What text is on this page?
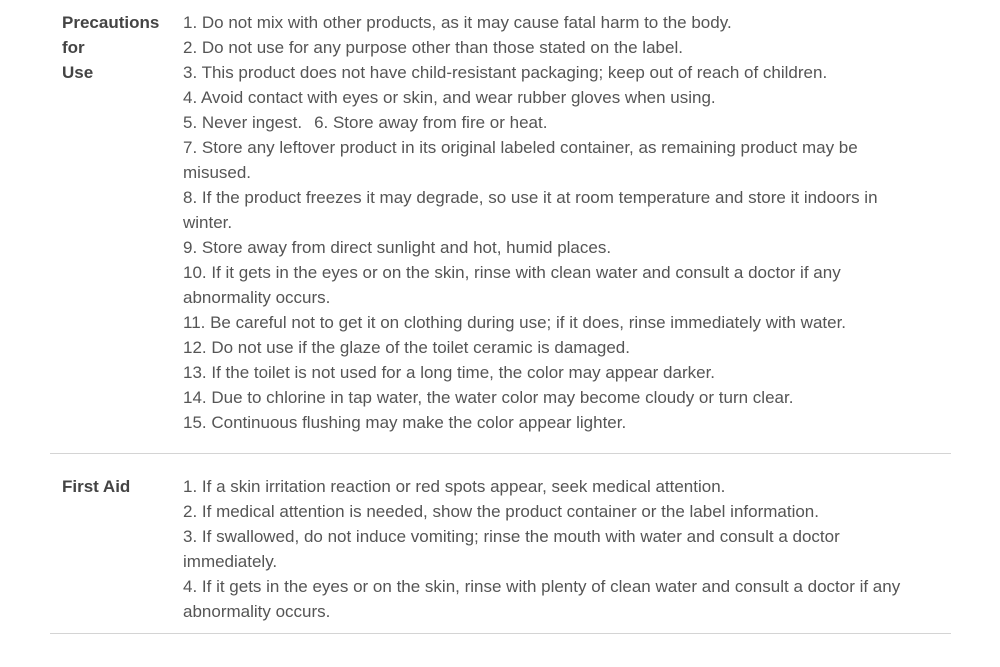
Precautions for
Use
1. Do not mix with other products, as it may cause fatal harm to the body.
2. Do not use for any purpose other than those stated on the label.
3. This product does not have child-resistant packaging; keep out of reach of children.
4. Avoid contact with eyes or skin, and wear rubber gloves when using.
5. Never ingest. 6. Store away from fire or heat.
7. Store any leftover product in its original labeled container, as remaining product may be misused.
8. If the product freezes it may degrade, so use it at room temperature and store it indoors in winter.
9. Store away from direct sunlight and hot, humid places.
10. If it gets in the eyes or on the skin, rinse with clean water and consult a doctor if any abnormality occurs.
11. Be careful not to get it on clothing during use; if it does, rinse immediately with water.
12. Do not use if the glaze of the toilet ceramic is damaged.
13. If the toilet is not used for a long time, the color may appear darker.
14. Due to chlorine in tap water, the water color may become cloudy or turn clear.
15. Continuous flushing may make the color appear lighter.
First Aid	1. If a skin irritation reaction or red spots appear, seek medical attention.
2. If medical attention is needed, show the product container or the label information.
3. If swallowed, do not induce vomiting; rinse the mouth with water and consult a doctor immediately.
4. If it gets in the eyes or on the skin, rinse with plenty of clean water and consult a doctor if any abnormality occurs.
